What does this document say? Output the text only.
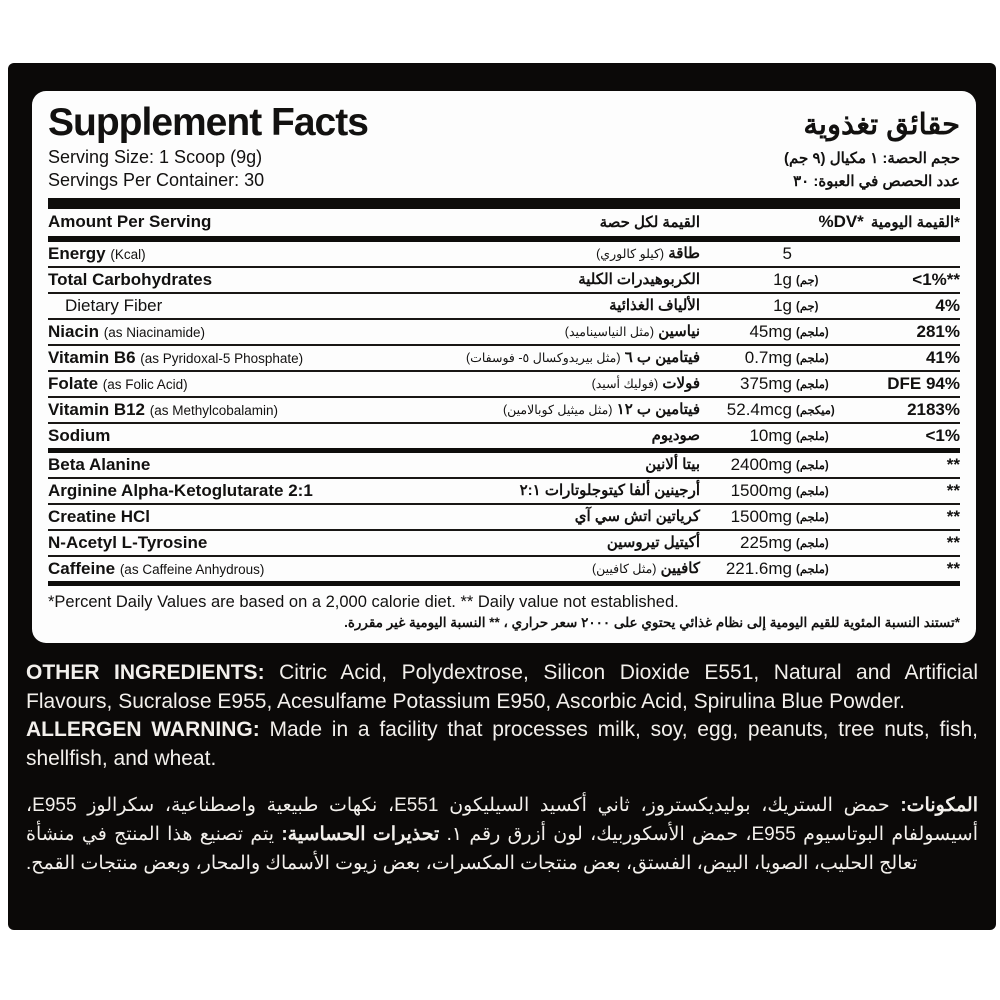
Supplement Facts	حقائق تغذوية
Serving Size: 1 Scoop (9g)	حجم الحصة: ١ مكيال (٩ جم)
Servings Per Container: 30	عدد الحصص في العبوة: ٣٠
Amount Per Serving	القيمة لكل حصة	%DV* *القيمة اليومية
Energy (Kcal)	طاقة (كيلو كالوري)	5
Total Carbohydrates	الكربوهيدرات الكلية	1g (جم)	<1%**
Dietary Fiber	الألياف الغذائية	1g (جم)	4%
Niacin (as Niacinamide)	نياسين (مثل النياسيناميد)	45mg (ملجم)	281%
Vitamin B6 (as Pyridoxal-5 Phosphate)	فيتامين ب ٦ (مثل بيريدوكسال ٥- فوسفات)	0.7mg (ملجم)	41%
Folate (as Folic Acid)	فولات (فوليك أسيد)	375mg (ملجم)	DFE 94%
Vitamin B12 (as Methylcobalamin)	فيتامين ب ١٢ (مثل ميثيل كوبالامين)	52.4mcg (ميكجم)	2183%
Sodium	صوديوم	10mg (ملجم)	<1%
Beta Alanine	بيتا ألانين	2400mg (ملجم)	**
Arginine Alpha-Ketoglutarate 2:1	أرجينين ألفا كيتوجلوتارات ٢:١	1500mg (ملجم)	**
Creatine HCl	كرياتين اتش سي آي	1500mg (ملجم)	**
N-Acetyl L-Tyrosine	أكيتيل تيروسين	225mg (ملجم)	**
Caffeine (as Caffeine Anhydrous)	كافيين (مثل كافيين)	221.6mg (ملجم)	**
*Percent Daily Values are based on a 2,000 calorie diet. ** Daily value not established.
*تستند النسبة المئوية للقيم اليومية إلى نظام غذائي يحتوي على ٢٠٠٠ سعر حراري ، ** النسبة اليومية غير مقررة.

OTHER INGREDIENTS: Citric Acid, Polydextrose, Silicon Dioxide E551, Natural and Artificial Flavours, Sucralose E955, Acesulfame Potassium E950, Ascorbic Acid, Spirulina Blue Powder.

ALLERGEN WARNING: Made in a facility that processes milk, soy, egg, peanuts, tree nuts, fish, shellfish, and wheat.

المكونات: حمض الستريك، بوليديكستروز، ثاني أكسيد السيليكون E551، نكهات طبيعية واصطناعية، سكرالوز E955، أسيسولفام البوتاسيوم E955، حمض الأسكوربيك، لون أزرق رقم ١. تحذيرات الحساسية: يتم تصنيع هذا المنتج في منشأة تعالج الحليب، الصويا، البيض، الفستق، بعض منتجات المكسرات، بعض زيوت الأسماك والمحار، وبعض منتجات القمح.
